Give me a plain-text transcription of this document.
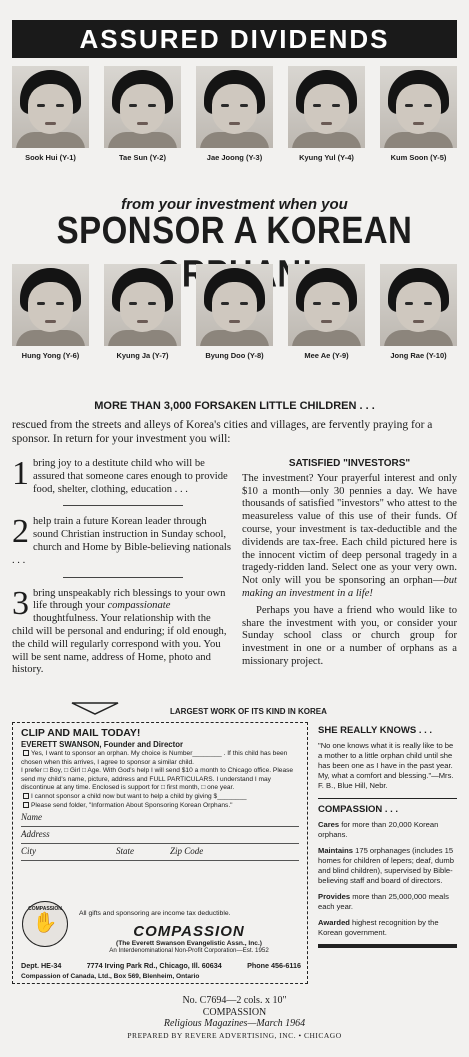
ASSURED DIVIDENDS
Sook Hui (Y-1)	Tae Sun (Y-2)	Jae Joong (Y-3)	Kyung Yul (Y-4)	Kum Soon (Y-5)
from your investment when you
SPONSOR A KOREAN
Hung Yong (Y-6)	Kyung Ja (Y-7)	Byung Doo (Y-8)	Mee Ae (Y-9)	Jong Rae (Y-10)
MORE THAN 3,000 FORSAKEN LITTLE CHILDREN . . .
rescued from the streets and alleys of Korea's cities and villages, are fervently praying for a sponsor. In return for your investment you will:
1 bring joy to a destitute child who will be assured that someone cares enough to provide food, shelter, clothing, education . . .
2 help train a future Korean leader through sound Christian instruction in Sunday school, church and Home by Bible-believing nationals . . .
3 bring unspeakably rich blessings to your own life through your compassionate thoughtfulness. Your relationship with the child will be personal and enduring; if old enough, the child will regularly correspond with you. You will be sent name, address of Home, photo and history.
SATISFIED "INVESTORS"

The investment? Your prayerful interest and only $10 a month—only 30 pennies a day. We have thousands of satisfied "investors" who attest to the measureless value of this use of their funds. Of course, your investment is tax-deductible and the dividends are tax-free. Each child pictured here is the innocent victim of deep personal tragedy in a tragedy-ridden land. Select one as your very own. Not only will you be sponsoring an orphan—but making an investment in a life!

Perhaps you have a friend who would like to share the investment with you, or consider your Sunday school class or church group for investment in one or a number of orphans as a missionary project.

LARGEST WORK OF ITS KIND IN KOREA
CLIP AND MAIL TODAY!
EVERETT SWANSON, Founder and Director
Yes, I want to sponsor an orphan. My choice is Number________ . If this child has been chosen when this arrives, I agree to sponsor a similar child.
I prefer □ Boy, □ Girl □ Age. With God's help I will send $10 a month to Chicago office. Please send my child's name, picture, address and FULL PARTICULARS. I understand I may discontinue at any time. Enclosed is support for □ first month, □ one year.
I cannot sponsor a child now but want to help a child by giving $________
Please send folder, "Information About Sponsoring Korean Orphans."
Name
Address
City	State	Zip Code
All gifts and sponsoring are income tax deductible.
COMPASSION
✋	COMPASSION
(The Everett Swanson Evangelistic Assn., Inc.)
An Interdenominational Non-Profit Corporation—Est. 1952
Dept. HE-34	7774 Irving Park Rd., Chicago, Ill. 60634	Phone 456-6116
Compassion of Canada, Ltd., Box 569, Blenheim, Ontario
SHE REALLY KNOWS . . .

"No one knows what it is really like to be a mother to a little orphan child until she has been one as I have in the past year. My, what a comfort and blessing."—Mrs. F. B., Blue Hill, Nebr.

COMPASSION . . .

Cares for more than 20,000 Korean orphans.

Maintains 175 orphanages (includes 15 homes for children of lepers; deaf, dumb and blind children), supervised by Bible-believing staff and board of directors.

Provides more than 25,000,000 meals each year.

Awarded highest recognition by the Korean government.

No. C7694—2 cols. x 10"
COMPASSION
Religious Magazines—March 1964
PREPARED BY REVERE ADVERTISING, INC. • CHICAGO
